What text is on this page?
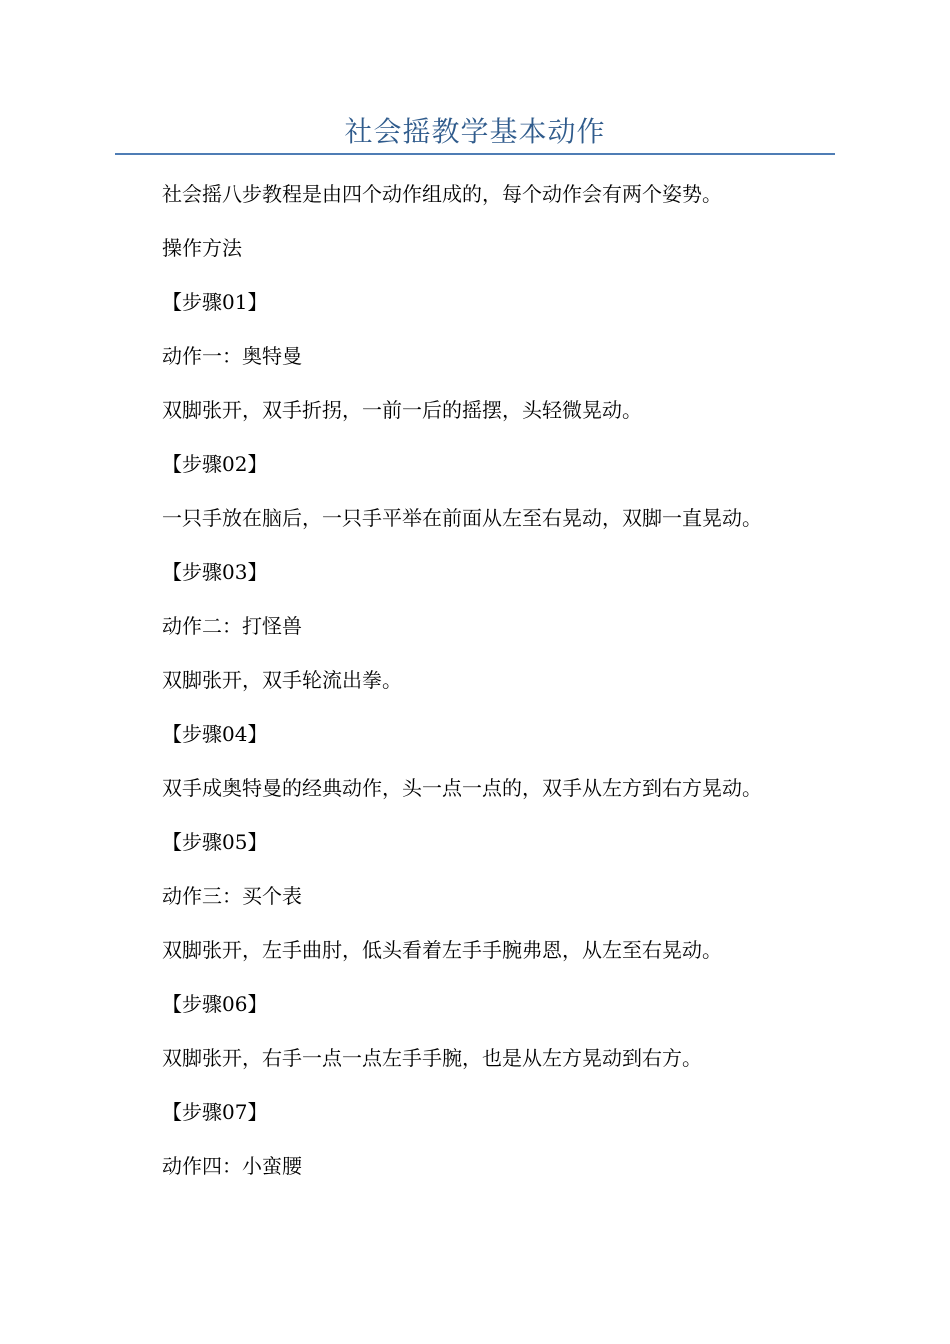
社会摇教学基本动作

社会摇八步教程是由四个动作组成的，每个动作会有两个姿势。

操作方法

【步骤01】

动作一：奥特曼

双脚张开，双手折拐，一前一后的摇摆，头轻微晃动。

【步骤02】

一只手放在脑后，一只手平举在前面从左至右晃动，双脚一直晃动。

【步骤03】

动作二：打怪兽

双脚张开，双手轮流出拳。

【步骤04】

双手成奥特曼的经典动作，头一点一点的，双手从左方到右方晃动。

【步骤05】

动作三：买个表

双脚张开，左手曲肘，低头看着左手手腕弗恩，从左至右晃动。

【步骤06】

双脚张开，右手一点一点左手手腕，也是从左方晃动到右方。

【步骤07】

动作四：小蛮腰
